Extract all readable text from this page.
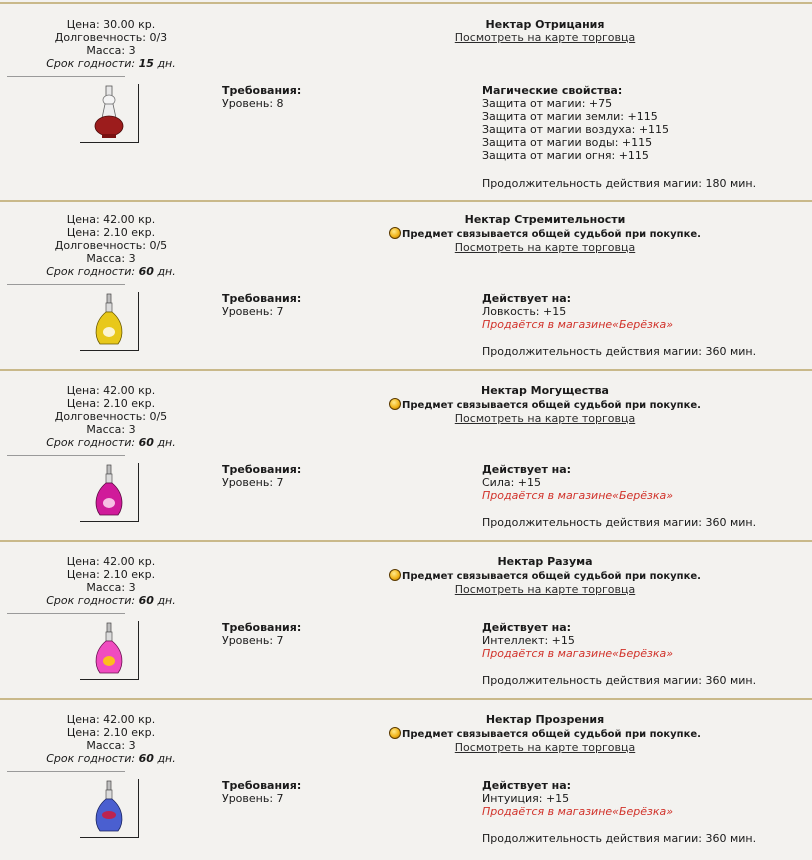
Цена: 30.00 кр.
Долговечность: 0/3
Масса: 3
Срок годности: 15 дн.
Требования:
Уровень: 8
Нектар Отрицания
Посмотреть на карте торговца
Магические свойства:
Защита от магии: +75
Защита от магии земли: +115
Защита от магии воздуха: +115
Защита от магии воды: +115
Защита от магии огня: +115
Продолжительность действия магии: 180 мин.
Цена: 42.00 кр.
Цена: 2.10 екр.
Долговечность: 0/5
Масса: 3
Срок годности: 60 дн.
Требования:
Уровень: 7
Нектар Стремительности
Предмет связывается общей судьбой при покупке.
Посмотреть на карте торговца
Действует на:
Ловкость: +15
Продаётся в магазине«Берёзка»
Продолжительность действия магии: 360 мин.
Цена: 42.00 кр.
Цена: 2.10 екр.
Долговечность: 0/5
Масса: 3
Срок годности: 60 дн.
Требования:
Уровень: 7
Нектар Могущества
Предмет связывается общей судьбой при покупке.
Посмотреть на карте торговца
Действует на:
Сила: +15
Продаётся в магазине«Берёзка»
Продолжительность действия магии: 360 мин.
Цена: 42.00 кр.
Цена: 2.10 екр.
Масса: 3
Срок годности: 60 дн.
Требования:
Уровень: 7
Нектар Разума
Предмет связывается общей судьбой при покупке.
Посмотреть на карте торговца
Действует на:
Интеллект: +15
Продаётся в магазине«Берёзка»
Продолжительность действия магии: 360 мин.
Цена: 42.00 кр.
Цена: 2.10 екр.
Масса: 3
Срок годности: 60 дн.
Требования:
Уровень: 7
Нектар Прозрения
Предмет связывается общей судьбой при покупке.
Посмотреть на карте торговца
Действует на:
Интуиция: +15
Продаётся в магазине«Берёзка»
Продолжительность действия магии: 360 мин.
